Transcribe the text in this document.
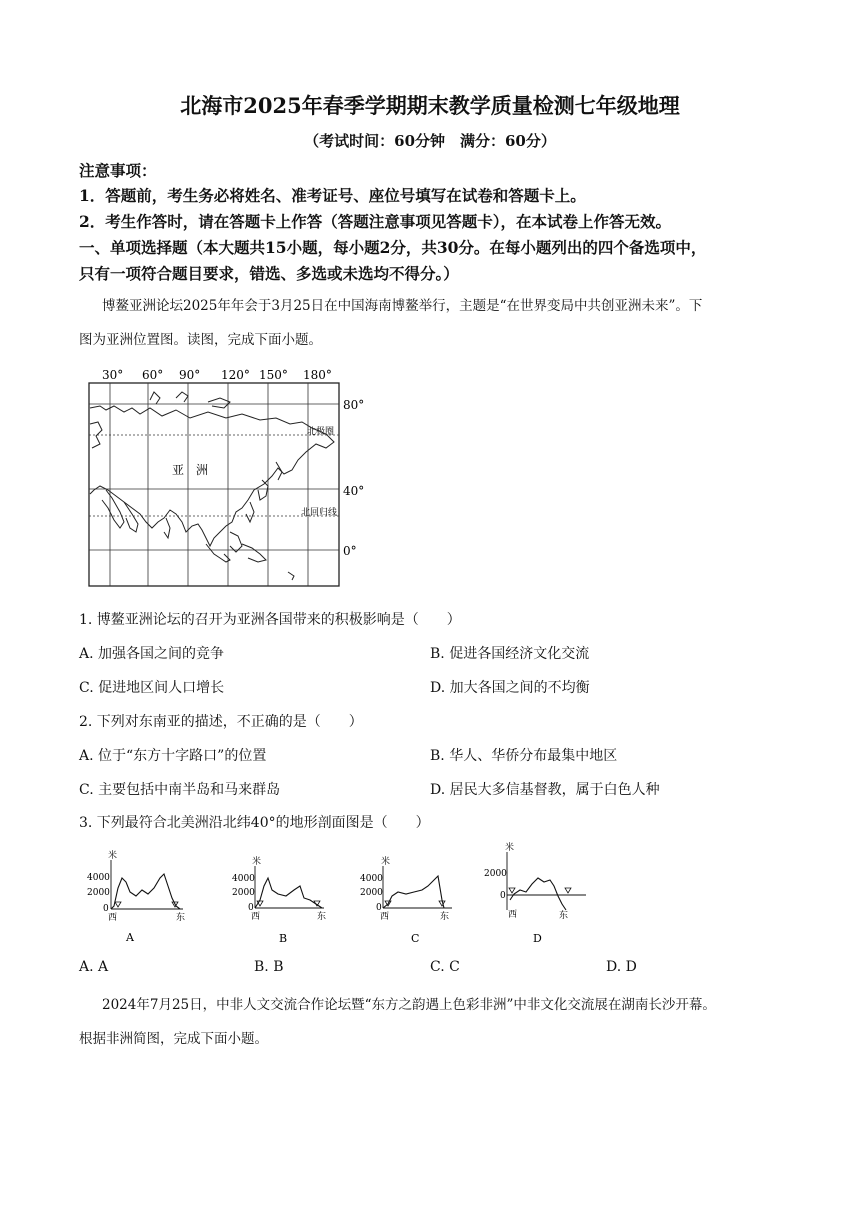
北海市2025年春季学期期末教学质量检测七年级地理
（考试时间：60分钟　满分：60分）
注意事项：
1．答题前，考生务必将姓名、准考证号、座位号填写在试卷和答题卡上。
2．考生作答时，请在答题卡上作答（答题注意事项见答题卡），在本试卷上作答无效。
一、单项选择题（本大题共15小题，每小题2分，共30分。在每小题列出的四个备选项中，
只有一项符合题目要求，错选、多选或未选均不得分。）
博鳌亚洲论坛2025年年会于3月25日在中国海南博鳌举行，主题是“在世界变局中共创亚洲未来”。下
图为亚洲位置图。读图，完成下面小题。
30° 60° 90° 120° 150° 180°
80°
40°
0°
北极圈
北回归线
亚　洲
1. 博鳌亚洲论坛的召开为亚洲各国带来的积极影响是（　　）
A. 加强各国之间的竞争	B. 促进各国经济文化交流
C. 促进地区间人口增长	D. 加大各国之间的不均衡
2. 下列对东南亚的描述，不正确的是（　　）
A. 位于“东方十字路口”的位置	B. 华人、华侨分布最集中地区
C. 主要包括中南半岛和马来群岛	D. 居民大多信基督教，属于白色人种
3. 下列最符合北美洲沿北纬40°的地形剖面图是（　　）
米
4000
2000
0
西	东
A
米
4000
2000
0
西	东
B
米
4000
2000
0
西	东
C
米
2000
0
西	东
D
A. A	B. B	C. C	D. D
2024年7月25日，中非人文交流合作论坛暨“东方之韵遇上色彩非洲”中非文化交流展在湖南长沙开幕。
根据非洲简图，完成下面小题。
